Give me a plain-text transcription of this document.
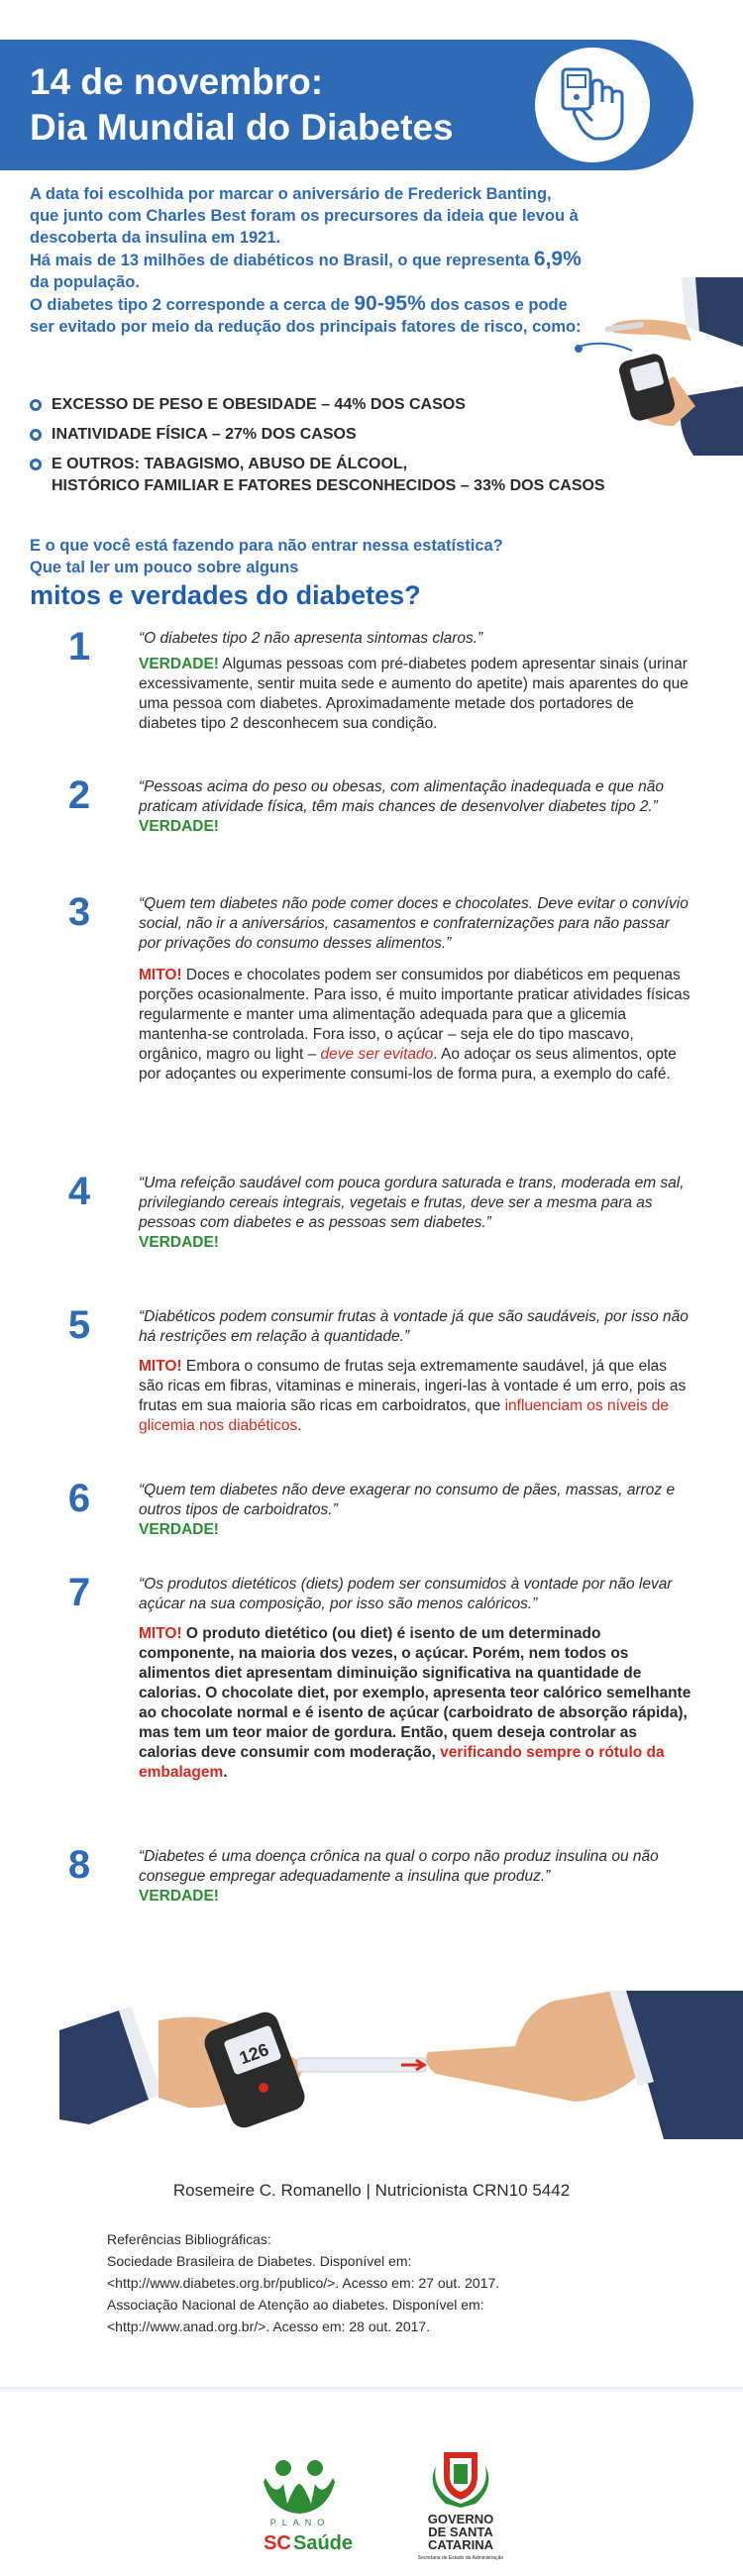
14 de novembro:
Dia Mundial do Diabetes

A data foi escolhida por marcar o aniversário de Frederick Banting, que junto com Charles Best foram os precursores da ideia que levou à descoberta da insulina em 1921.

Há mais de 13 milhões de diabéticos no Brasil, o que representa 6,9% da população.

O diabetes tipo 2 corresponde a cerca de 90-95% dos casos e pode ser evitado por meio da redução dos principais fatores de risco, como:

EXCESSO DE PESO E OBESIDADE – 44% DOS CASOS
INATIVIDADE FÍSICA – 27% DOS CASOS
E OUTROS: TABAGISMO, ABUSO DE ÁLCOOL,
HISTÓRICO FAMILIAR E FATORES DESCONHECIDOS – 33% DOS CASOS
E o que você está fazendo para não entrar nessa estatística?
Que tal ler um pouco sobre alguns
mitos e verdades do diabetes?
1	“O diabetes tipo 2 não apresenta sintomas claros.”
VERDADE! Algumas pessoas com pré-diabetes podem apresentar sinais (urinar excessivamente, sentir muita sede e aumento do apetite) mais aparentes do que uma pessoa com diabetes. Aproximadamente metade dos portadores de diabetes tipo 2 desconhecem sua condição.
2	“Pessoas acima do peso ou obesas, com alimentação inadequada e que não praticam atividade física, têm mais chances de desenvolver diabetes tipo 2.”
VERDADE!
3	“Quem tem diabetes não pode comer doces e chocolates. Deve evitar o convívio social, não ir a aniversários, casamentos e confraternizações para não passar por privações do consumo desses alimentos.”
MITO! Doces e chocolates podem ser consumidos por diabéticos em pequenas porções ocasionalmente. Para isso, é muito importante praticar atividades físicas regularmente e manter uma alimentação adequada para que a glicemia mantenha-se controlada. Fora isso, o açúcar – seja ele do tipo mascavo, orgânico, magro ou light – deve ser evitado. Ao adoçar os seus alimentos, opte por adoçantes ou experimente consumi-los de forma pura, a exemplo do café.
4	“Uma refeição saudável com pouca gordura saturada e trans, moderada em sal, privilegiando cereais integrais, vegetais e frutas, deve ser a mesma para as pessoas com diabetes e as pessoas sem diabetes.”
VERDADE!
5	“Diabéticos podem consumir frutas à vontade já que são saudáveis, por isso não há restrições em relação à quantidade.”
MITO! Embora o consumo de frutas seja extremamente saudável, já que elas são ricas em fibras, vitaminas e minerais, ingeri-las à vontade é um erro, pois as frutas em sua maioria são ricas em carboidratos, que influenciam os níveis de glicemia nos diabéticos.
6	“Quem tem diabetes não deve exagerar no consumo de pães, massas, arroz e outros tipos de carboidratos.”
VERDADE!
7	“Os produtos dietéticos (diets) podem ser consumidos à vontade por não levar açúcar na sua composição, por isso são menos calóricos.”
MITO! O produto dietético (ou diet) é isento de um determinado componente, na maioria dos vezes, o açúcar. Porém, nem todos os alimentos diet apresentam diminuição significativa na quantidade de calorias. O chocolate diet, por exemplo, apresenta teor calórico semelhante ao chocolate normal e é isento de açúcar (carboidrato de absorção rápida), mas tem um teor maior de gordura. Então, quem deseja controlar as calorias deve consumir com moderação, verificando sempre o rótulo da embalagem.
8	“Diabetes é uma doença crônica na qual o corpo não produz insulina ou não consegue empregar adequadamente a insulina que produz.”
VERDADE!
126
Rosemeire C. Romanello | Nutricionista CRN10 5442
Referências Bibliográficas:
Sociedade Brasileira de Diabetes. Disponível em:
<http://www.diabetes.org.br/publico/>. Acesso em: 27 out. 2017.
Associação Nacional de Atenção ao diabetes. Disponível em:
<http://www.anad.org.br/>. Acesso em: 28 out. 2017.
PLANO
SC Saúde
GOVERNO
DE SANTA
CATARINA
Secretaria de Estado da Administração
